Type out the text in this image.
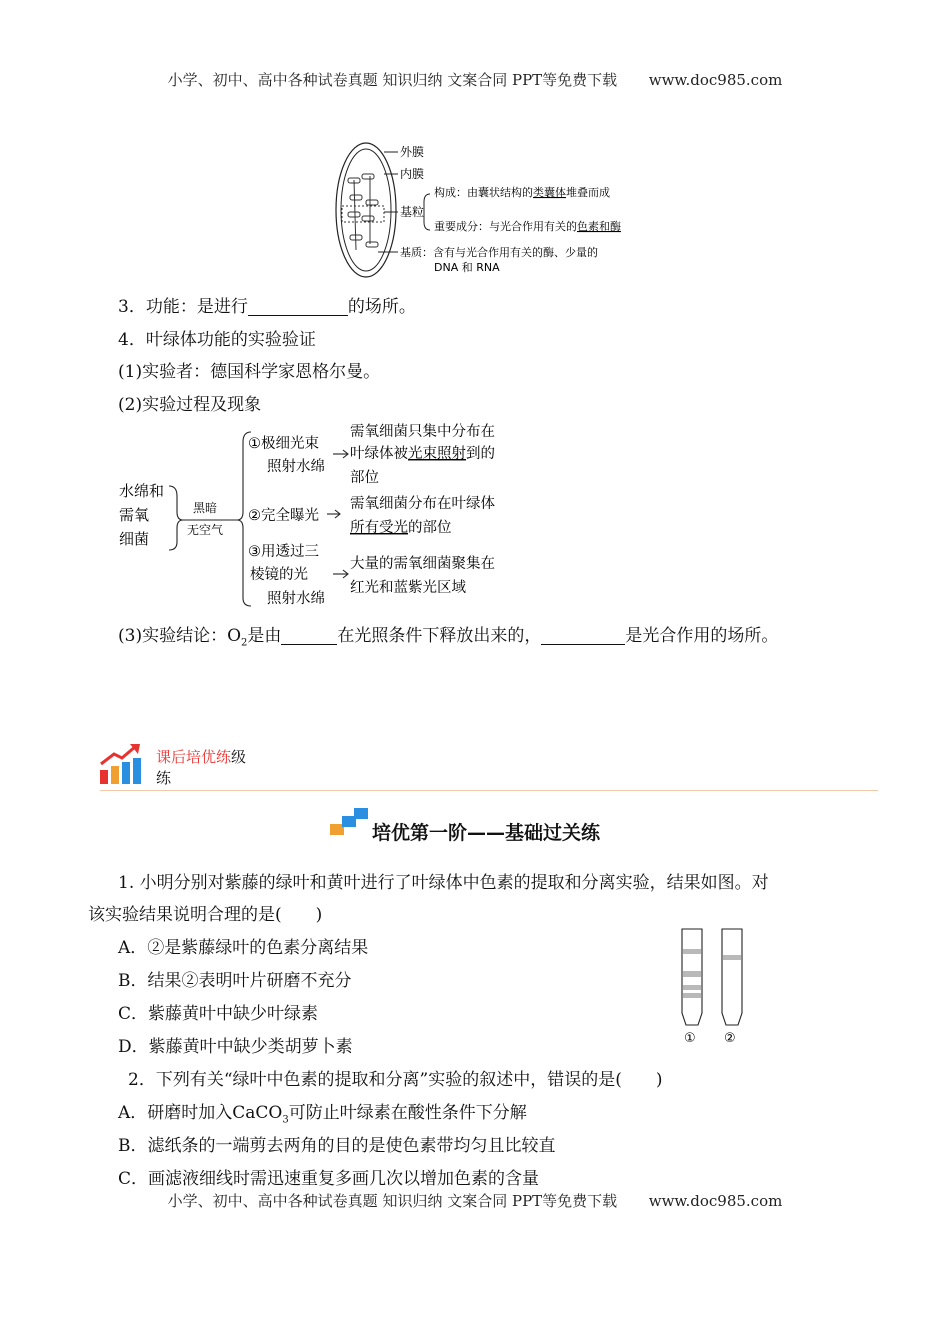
小学、初中、高中各种试卷真题 知识归纳 文案合同 PPT等免费下载 www.doc985.com
外膜
内膜
基粒
构成：由囊状结构的类囊体堆叠而成
重要成分：与光合作用有关的色素和酶
基质：含有与光合作用有关的酶、少量的
DNA 和 RNA
3．功能：是进行	的场所。
4．叶绿体功能的实验验证
(1)实验者：德国科学家恩格尔曼。
(2)实验过程及现象
水绵和
需氧
细菌
黑暗
无空气
①极细光束
照射水绵
需氧细菌只集中分布在
叶绿体被光束照射到的
部位
②完全曝光
需氧细菌分布在叶绿体
所有受光的部位
③用透过三
棱镜的光
照射水绵
大量的需氧细菌聚集在
红光和蓝紫光区域
(3)实验结论：$O_2$是由	在光照条件下释放出来的，	是光合作用的场所。
课后培优练级
练
培优第一阶——基础过关练
1. 小明分别对紫藤的绿叶和黄叶进行了叶绿体中色素的提取和分离实验，结果如图。对
该实验结果说明合理的是(　　)
A．②是紫藤绿叶的色素分离结果
B．结果②表明叶片研磨不充分
C．紫藤黄叶中缺少叶绿素
D．紫藤黄叶中缺少类胡萝卜素	① ②
2．下列有关“绿叶中色素的提取和分离”实验的叙述中，错误的是(　　)
A．研磨时加入CaCO$_3$可防止叶绿素在酸性条件下分解
B．滤纸条的一端剪去两角的目的是使色素带均匀且比较直
C．画滤液细线时需迅速重复多画几次以增加色素的含量
小学、初中、高中各种试卷真题 知识归纳 文案合同 PPT等免费下载 www.doc985.com
